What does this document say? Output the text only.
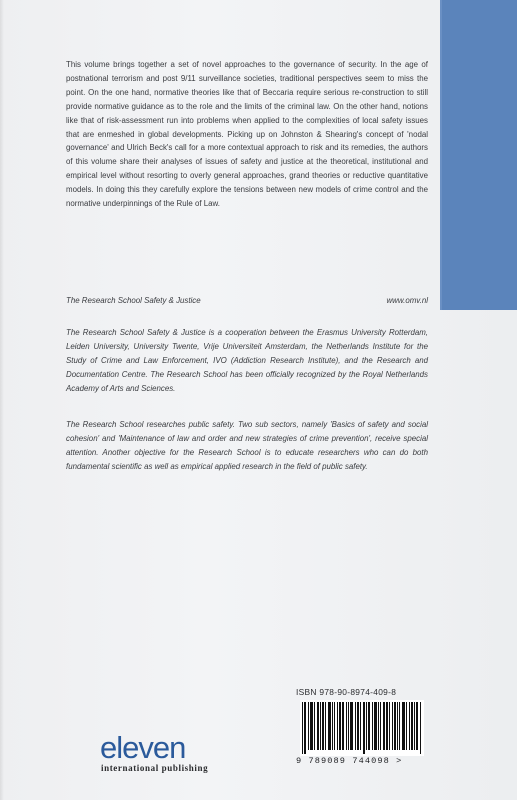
This volume brings together a set of novel approaches to the governance of security. In the age of postnational terrorism and post 9/11 surveillance societies, traditional perspectives seem to miss the point. On the one hand, normative theories like that of Beccaria require serious re-construction to still provide normative guidance as to the role and the limits of the criminal law. On the other hand, notions like that of risk-assessment run into problems when applied to the complexities of local safety issues that are enmeshed in global developments. Picking up on Johnston & Shearing's concept of 'nodal governance' and Ulrich Beck's call for a more contextual approach to risk and its remedies, the authors of this volume share their analyses of issues of safety and justice at the theoretical, institutional and empirical level without resorting to overly general approaches, grand theories or reductive quantitative models. In doing this they carefully explore the tensions between new models of crime control and the normative underpinnings of the Rule of Law.

The Research School Safety & Justice	www.omv.nl

The Research School Safety & Justice is a cooperation between the Erasmus University Rotterdam, Leiden University, University Twente, Vrije Universiteit Amsterdam, the Netherlands Institute for the Study of Crime and Law Enforcement, IVO (Addiction Research Institute), and the Research and Documentation Centre. The Research School has been officially recognized by the Royal Netherlands Academy of Arts and Sciences.

The Research School researches public safety. Two sub sectors, namely 'Basics of safety and social cohesion' and 'Maintenance of law and order and new strategies of crime prevention', receive special attention. Another objective for the Research School is to educate researchers who can do both fundamental scientific as well as empirical applied research in the field of public safety.

ISBN 978-90-8974-409-8
9 789089 744098 >
eleven
international publishing
